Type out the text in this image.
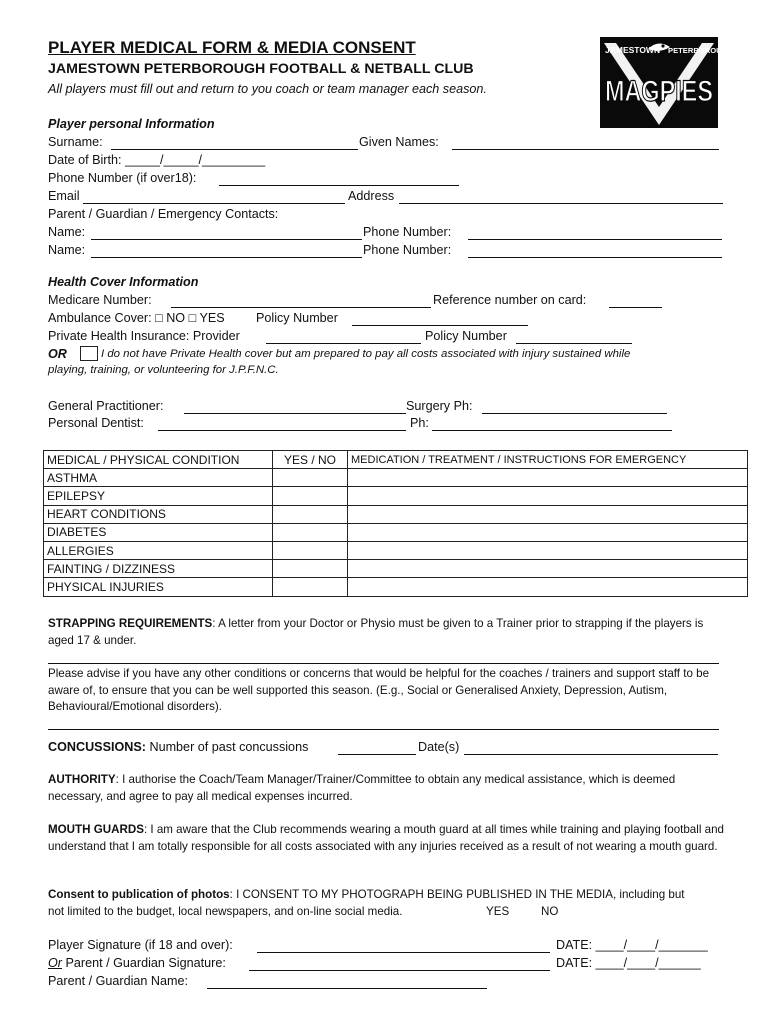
PLAYER MEDICAL FORM & MEDIA CONSENT
JAMESTOWN PETERBOROUGH FOOTBALL & NETBALL CLUB
All players must fill out and return to you coach or team manager each season.
JAMESTOWN PETERBOROUGH
MAGPIES
Player personal Information
Surname:	Given Names:
Date of Birth: _____/_____/_________
Phone Number (if over18):
Email	Address
Parent / Guardian / Emergency Contacts:
Name:	Phone Number:
Name:	Phone Number:
Health Cover Information
Medicare Number:	Reference number on card:
Ambulance Cover: □ NO □ YES Policy Number
Private Health Insurance: Provider	Policy Number
OR	I do not have Private Health cover but am prepared to pay all costs associated with injury sustained while
playing, training, or volunteering for J.P.F.N.C.
General Practitioner:	Surgery Ph:
Personal Dentist:	Ph:
MEDICAL / PHYSICAL CONDITION	YES / NO	MEDICATION / TREATMENT / INSTRUCTIONS FOR EMERGENCY
ASTHMA		
EPILEPSY		
HEART CONDITIONS		
DIABETES		
ALLERGIES		
FAINTING / DIZZINESS		
PHYSICAL INJURIES		
STRAPPING REQUIREMENTS: A letter from your Doctor or Physio must be given to a Trainer prior to strapping if the players is aged 17 & under.
Please advise if you have any other conditions or concerns that would be helpful for the coaches / trainers and support staff to be aware of, to ensure that you can be well supported this season. (E.g., Social or Generalised Anxiety, Depression, Autism, Behavioural/Emotional disorders).
CONCUSSIONS: Number of past concussions	Date(s)
AUTHORITY: I authorise the Coach/Team Manager/Trainer/Committee to obtain any medical assistance, which is deemed necessary, and agree to pay all medical expenses incurred.
MOUTH GUARDS: I am aware that the Club recommends wearing a mouth guard at all times while training and playing football and understand that I am totally responsible for all costs associated with any injuries received as a result of not wearing a mouth guard.
Consent to publication of photos: I CONSENT TO MY PHOTOGRAPH BEING PUBLISHED IN THE MEDIA, including but
not limited to the budget, local newspapers, and on-line social media.	YES	NO
Player Signature (if 18 and over):	DATE: ____/____/_______
Or Parent / Guardian Signature:	DATE: ____/____/______
Parent / Guardian Name:
